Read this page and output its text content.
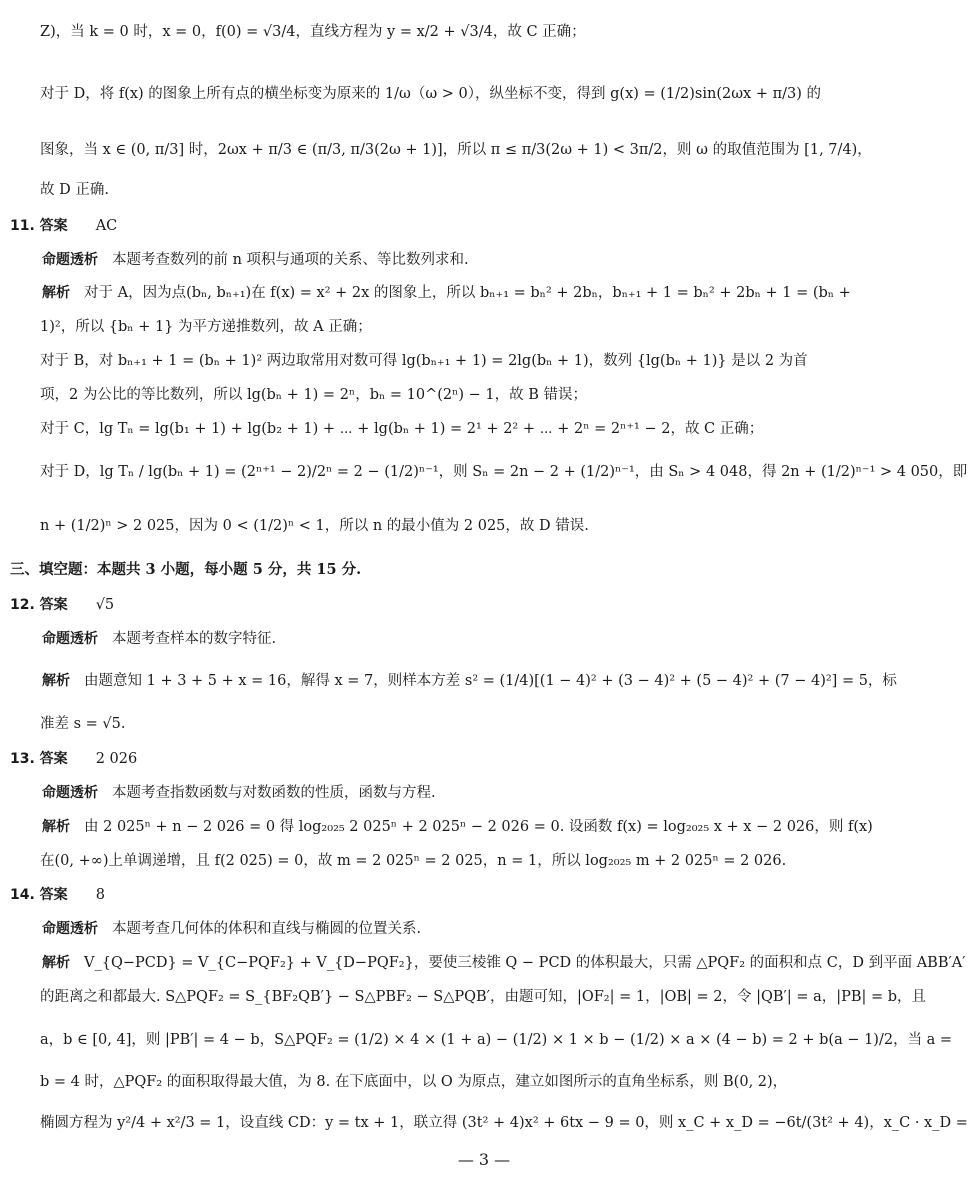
Z)，当 k = 0 时，x = 0，f(0) = √3/4，直线方程为 y = x/2 + √3/4，故 C 正确；
对于 D，将 f(x) 的图象上所有点的横坐标变为原来的 1/ω（ω > 0），纵坐标不变，得到 g(x) = (1/2)sin(2ωx + π/3) 的
图象，当 x ∈ (0, π/3] 时，2ωx + π/3 ∈ (π/3, π/3(2ω + 1)]，所以 π ≤ π/3(2ω + 1) < 3π/2，则 ω 的取值范围为 [1, 7/4)，
故 D 正确.
11. 答案 AC
命题透析 本题考查数列的前 n 项积与通项的关系、等比数列求和.
解析 对于 A，因为点(bₙ, bₙ₊₁)在 f(x) = x² + 2x 的图象上，所以 bₙ₊₁ = bₙ² + 2bₙ，bₙ₊₁ + 1 = bₙ² + 2bₙ + 1 = (bₙ +
1)²，所以 {bₙ + 1} 为平方递推数列，故 A 正确；
对于 B，对 bₙ₊₁ + 1 = (bₙ + 1)² 两边取常用对数可得 lg(bₙ₊₁ + 1) = 2lg(bₙ + 1)，数列 {lg(bₙ + 1)} 是以 2 为首
项，2 为公比的等比数列，所以 lg(bₙ + 1) = 2ⁿ，bₙ = 10^(2ⁿ) − 1，故 B 错误；
对于 C，lg Tₙ = lg(b₁ + 1) + lg(b₂ + 1) + ⋯ + lg(bₙ + 1) = 2¹ + 2² + ⋯ + 2ⁿ = 2ⁿ⁺¹ − 2，故 C 正确；
对于 D，lg Tₙ / lg(bₙ + 1) = (2ⁿ⁺¹ − 2)/2ⁿ = 2 − (1/2)ⁿ⁻¹，则 Sₙ = 2n − 2 + (1/2)ⁿ⁻¹，由 Sₙ > 4 048，得 2n + (1/2)ⁿ⁻¹ > 4 050，即
n + (1/2)ⁿ > 2 025，因为 0 < (1/2)ⁿ < 1，所以 n 的最小值为 2 025，故 D 错误.
三、填空题：本题共 3 小题，每小题 5 分，共 15 分.
12. 答案 √5
命题透析 本题考查样本的数字特征.
解析 由题意知 1 + 3 + 5 + x = 16，解得 x = 7，则样本方差 s² = (1/4)[(1 − 4)² + (3 − 4)² + (5 − 4)² + (7 − 4)²] = 5，标
准差 s = √5.
13. 答案 2 026
命题透析 本题考查指数函数与对数函数的性质，函数与方程.
解析 由 2 025ⁿ + n − 2 026 = 0 得 log₂₀₂₅ 2 025ⁿ + 2 025ⁿ − 2 026 = 0. 设函数 f(x) = log₂₀₂₅ x + x − 2 026，则 f(x)
在(0, +∞)上单调递增，且 f(2 025) = 0，故 m = 2 025ⁿ = 2 025，n = 1，所以 log₂₀₂₅ m + 2 025ⁿ = 2 026.
14. 答案 8
命题透析 本题考查几何体的体积和直线与椭圆的位置关系.
解析 V_{Q−PCD} = V_{C−PQF₂} + V_{D−PQF₂}，要使三棱锥 Q − PCD 的体积最大，只需 △PQF₂ 的面积和点 C，D 到平面 ABB′A′
的距离之和都最大. S△PQF₂ = S_{BF₂QB′} − S△PBF₂ − S△PQB′，由题可知，|OF₂| = 1，|OB| = 2，令 |QB′| = a，|PB| = b，且
a，b ∈ [0, 4]，则 |PB′| = 4 − b，S△PQF₂ = (1/2) × 4 × (1 + a) − (1/2) × 1 × b − (1/2) × a × (4 − b) = 2 + b(a − 1)/2，当 a =
b = 4 时，△PQF₂ 的面积取得最大值，为 8. 在下底面中，以 O 为原点，建立如图所示的直角坐标系，则 B(0, 2)，
椭圆方程为 y²/4 + x²/3 = 1，设直线 CD：y = tx + 1，联立得 (3t² + 4)x² + 6tx − 9 = 0，则 x_C + x_D = −6t/(3t² + 4)，x_C · x_D =
— 3 —
